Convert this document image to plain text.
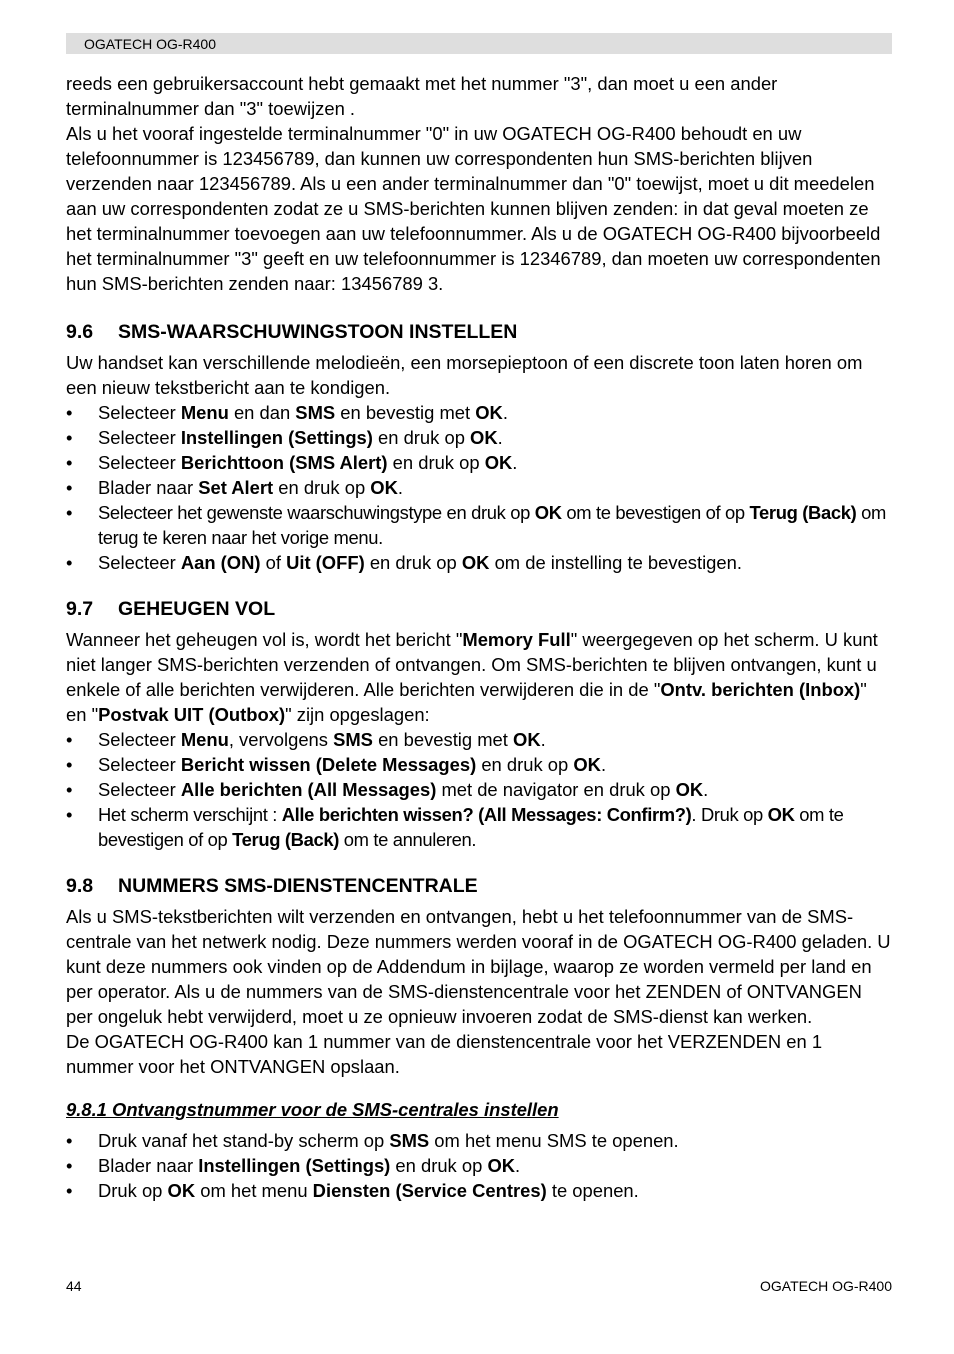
OGATECH OG-R400

reeds een gebruikersaccount hebt gemaakt met het nummer "3", dan moet u een ander terminalnummer dan "3" toewijzen .

Als u het vooraf ingestelde terminalnummer "0" in uw OGATECH OG-R400 behoudt en uw telefoonnummer is 123456789, dan kunnen uw correspondenten hun SMS-berichten blijven verzenden naar 123456789. Als u een ander terminalnummer dan "0" toewijst, moet u dit meedelen aan uw correspondenten zodat ze u SMS-berichten kunnen blijven zenden: in dat geval moeten ze het terminalnummer toevoegen aan uw telefoonnummer. Als u de OGATECH OG-R400 bijvoorbeeld het terminalnummer "3" geeft en uw telefoonnummer is 12346789, dan moeten uw correspondenten hun SMS-berichten zenden naar: 13456789 3.

9.6 SMS-WAARSCHUWINGSTOON INSTELLEN

Uw handset kan verschillende melodieën, een morsepieptoon of een discrete toon laten horen om een nieuw tekstbericht aan te kondigen.

• Selecteer Menu en dan SMS en bevestig met OK.
• Selecteer Instellingen (Settings) en druk op OK.
• Selecteer Berichttoon (SMS Alert) en druk op OK.
• Blader naar Set Alert en druk op OK.
• Selecteer het gewenste waarschuwingstype en druk op OK om te bevestigen of op Terug (Back) om terug te keren naar het vorige menu.
• Selecteer Aan (ON) of Uit (OFF) en druk op OK om de instelling te bevestigen.
9.7 GEHEUGEN VOL

Wanneer het geheugen vol is, wordt het bericht "Memory Full" weergegeven op het scherm. U kunt niet langer SMS-berichten verzenden of ontvangen. Om SMS-berichten te blijven ontvangen, kunt u enkele of alle berichten verwijderen. Alle berichten verwijderen die in de "Ontv. berichten (Inbox)" en "Postvak UIT (Outbox)" zijn opgeslagen:

• Selecteer Menu, vervolgens SMS en bevestig met OK.
• Selecteer Bericht wissen (Delete Messages) en druk op OK.
• Selecteer Alle berichten (All Messages) met de navigator en druk op OK.
• Het scherm verschijnt : Alle berichten wissen? (All Messages: Confirm?). Druk op OK om te bevestigen of op Terug (Back) om te annuleren.
9.8 NUMMERS SMS-DIENSTENCENTRALE

Als u SMS-tekstberichten wilt verzenden en ontvangen, hebt u het telefoonnummer van de SMS-centrale van het netwerk nodig. Deze nummers werden vooraf in de OGATECH OG-R400 geladen. U kunt deze nummers ook vinden op de Addendum in bijlage, waarop ze worden vermeld per land en per operator. Als u de nummers van de SMS-dienstencentrale voor het ZENDEN of ONTVANGEN per ongeluk hebt verwijderd, moet u ze opnieuw invoeren zodat de SMS-dienst kan werken.

De OGATECH OG-R400 kan 1 nummer van de dienstencentrale voor het VERZENDEN en 1 nummer voor het ONTVANGEN opslaan.

9.8.1 Ontvangstnummer voor de SMS-centrales instellen
• Druk vanaf het stand-by scherm op SMS om het menu SMS te openen.
• Blader naar Instellingen (Settings) en druk op OK.
• Druk op OK om het menu Diensten (Service Centres) te openen.
44	OGATECH OG-R400
